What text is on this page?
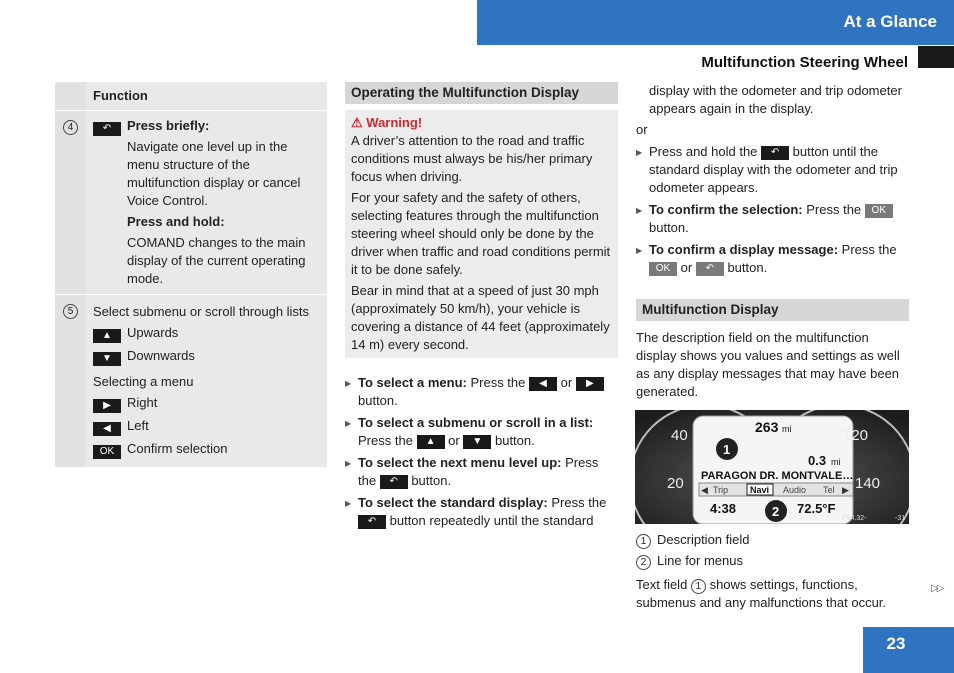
At a Glance
Multifunction Steering Wheel
Function
4	↶	Press briefly:
Navigate one level up in the menu structure of the multifunction display or cancel Voice Control.
Press and hold:
COMAND changes to the main display of the current operating mode.
5	Select submenu or scroll through lists
▲	Upwards
▼	Downwards
Selecting a menu
▶	Right
◀	Left
OK Confirm selection
Operating the Multifunction Display
⚠ Warning!
A driver’s attention to the road and traffic conditions must always be his/her primary focus when driving.
For your safety and the safety of others, selecting features through the multifunction steering wheel should only be done by the driver when traffic and road conditions permit it to be done safely.
Bear in mind that at a speed of just 30 mph (approximately 50 km/h), your vehicle is covering a distance of 44 feet (approximately 14 m) every second.
▶ To select a menu: Press the ◀ or ▶ button.
▶ To select a submenu or scroll in a list: Press the ▲ or ▼ button.
▶ To select the next menu level up: Press the ↶ button.
▶ To select the standard display: Press the ↶ button repeatedly until the standard
display with the odometer and trip odometer appears again in the display.
or
▶ Press and hold the ↶ button until the standard display with the odometer and trip odometer appears.
▶ To confirm the selection: Press the OK button.
▶ To confirm a display message: Press the OK or ↶ button.
Multifunction Display
The description field on the multifunction display shows you values and settings as well as any display messages that may have been generated.
40
20
120
140
1
263 mi
0.3 mi
PARAGON DR. MONTVALE…
◀ Trip Navi Audio Tel ▶
4:38	2 72.5°F
P54.32-	-31
1 Description field
2 Line for menus
Text field 1 shows settings, functions, submenus and any malfunctions that occur.
▷▷
23
